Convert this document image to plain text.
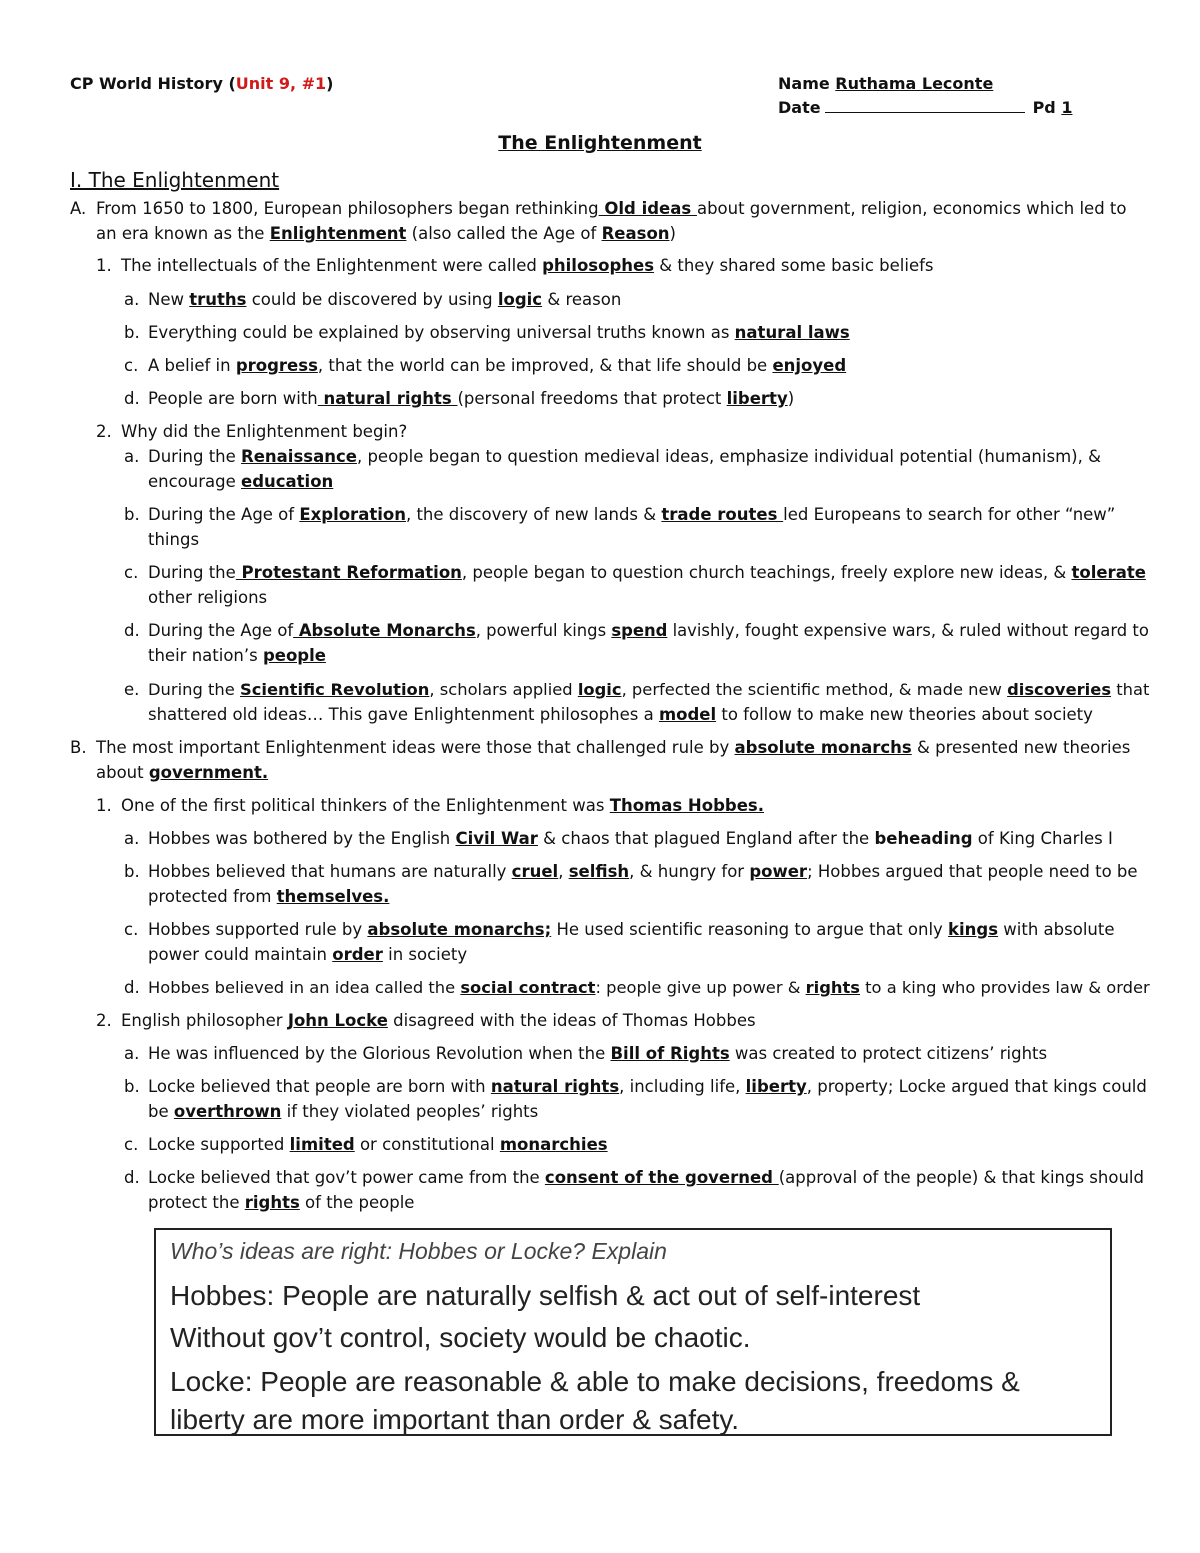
CP World History (Unit 9, #1)	Name Ruthama Leconte
Date	Pd 1
The Enlightenment
I. The Enlightenment
A. From 1650 to 1800, European philosophers began rethinking Old ideas about government, religion, economics which led to
an era known as the Enlightenment (also called the Age of Reason)
1. The intellectuals of the Enlightenment were called philosophes & they shared some basic beliefs
a. New truths could be discovered by using logic & reason
b. Everything could be explained by observing universal truths known as natural laws
c. A belief in progress, that the world can be improved, & that life should be enjoyed
d. People are born with natural rights (personal freedoms that protect liberty)
2. Why did the Enlightenment begin?
a. During the Renaissance, people began to question medieval ideas, emphasize individual potential (humanism), &
encourage education
b. During the Age of Exploration, the discovery of new lands & trade routes led Europeans to search for other “new”
things
c. During the Protestant Reformation, people began to question church teachings, freely explore new ideas, & tolerate
other religions
d. During the Age of Absolute Monarchs, powerful kings spend lavishly, fought expensive wars, & ruled without regard to
their nation’s people
e. During the Scientific Revolution, scholars applied logic, perfected the scientific method, & made new discoveries that
shattered old ideas… This gave Enlightenment philosophes a model to follow to make new theories about society
B. The most important Enlightenment ideas were those that challenged rule by absolute monarchs & presented new theories
about government.
1. One of the first political thinkers of the Enlightenment was Thomas Hobbes.
a. Hobbes was bothered by the English Civil War & chaos that plagued England after the beheading of King Charles I
b. Hobbes believed that humans are naturally cruel, selfish, & hungry for power; Hobbes argued that people need to be
protected from themselves.
c. Hobbes supported rule by absolute monarchs; He used scientific reasoning to argue that only kings with absolute
power could maintain order in society
d. Hobbes believed in an idea called the social contract: people give up power & rights to a king who provides law & order
2. English philosopher John Locke disagreed with the ideas of Thomas Hobbes
a. He was influenced by the Glorious Revolution when the Bill of Rights was created to protect citizens’ rights
b. Locke believed that people are born with natural rights, including life, liberty, property; Locke argued that kings could
be overthrown if they violated peoples’ rights
c. Locke supported limited or constitutional monarchies
d. Locke believed that gov’t power came from the consent of the governed (approval of the people) & that kings should
protect the rights of the people
Who’s ideas are right: Hobbes or Locke? Explain
Hobbes: People are naturally selfish & act out of self-interest
Without gov’t control, society would be chaotic.
Locke: People are reasonable & able to make decisions, freedoms &
liberty are more important than order & safety.
